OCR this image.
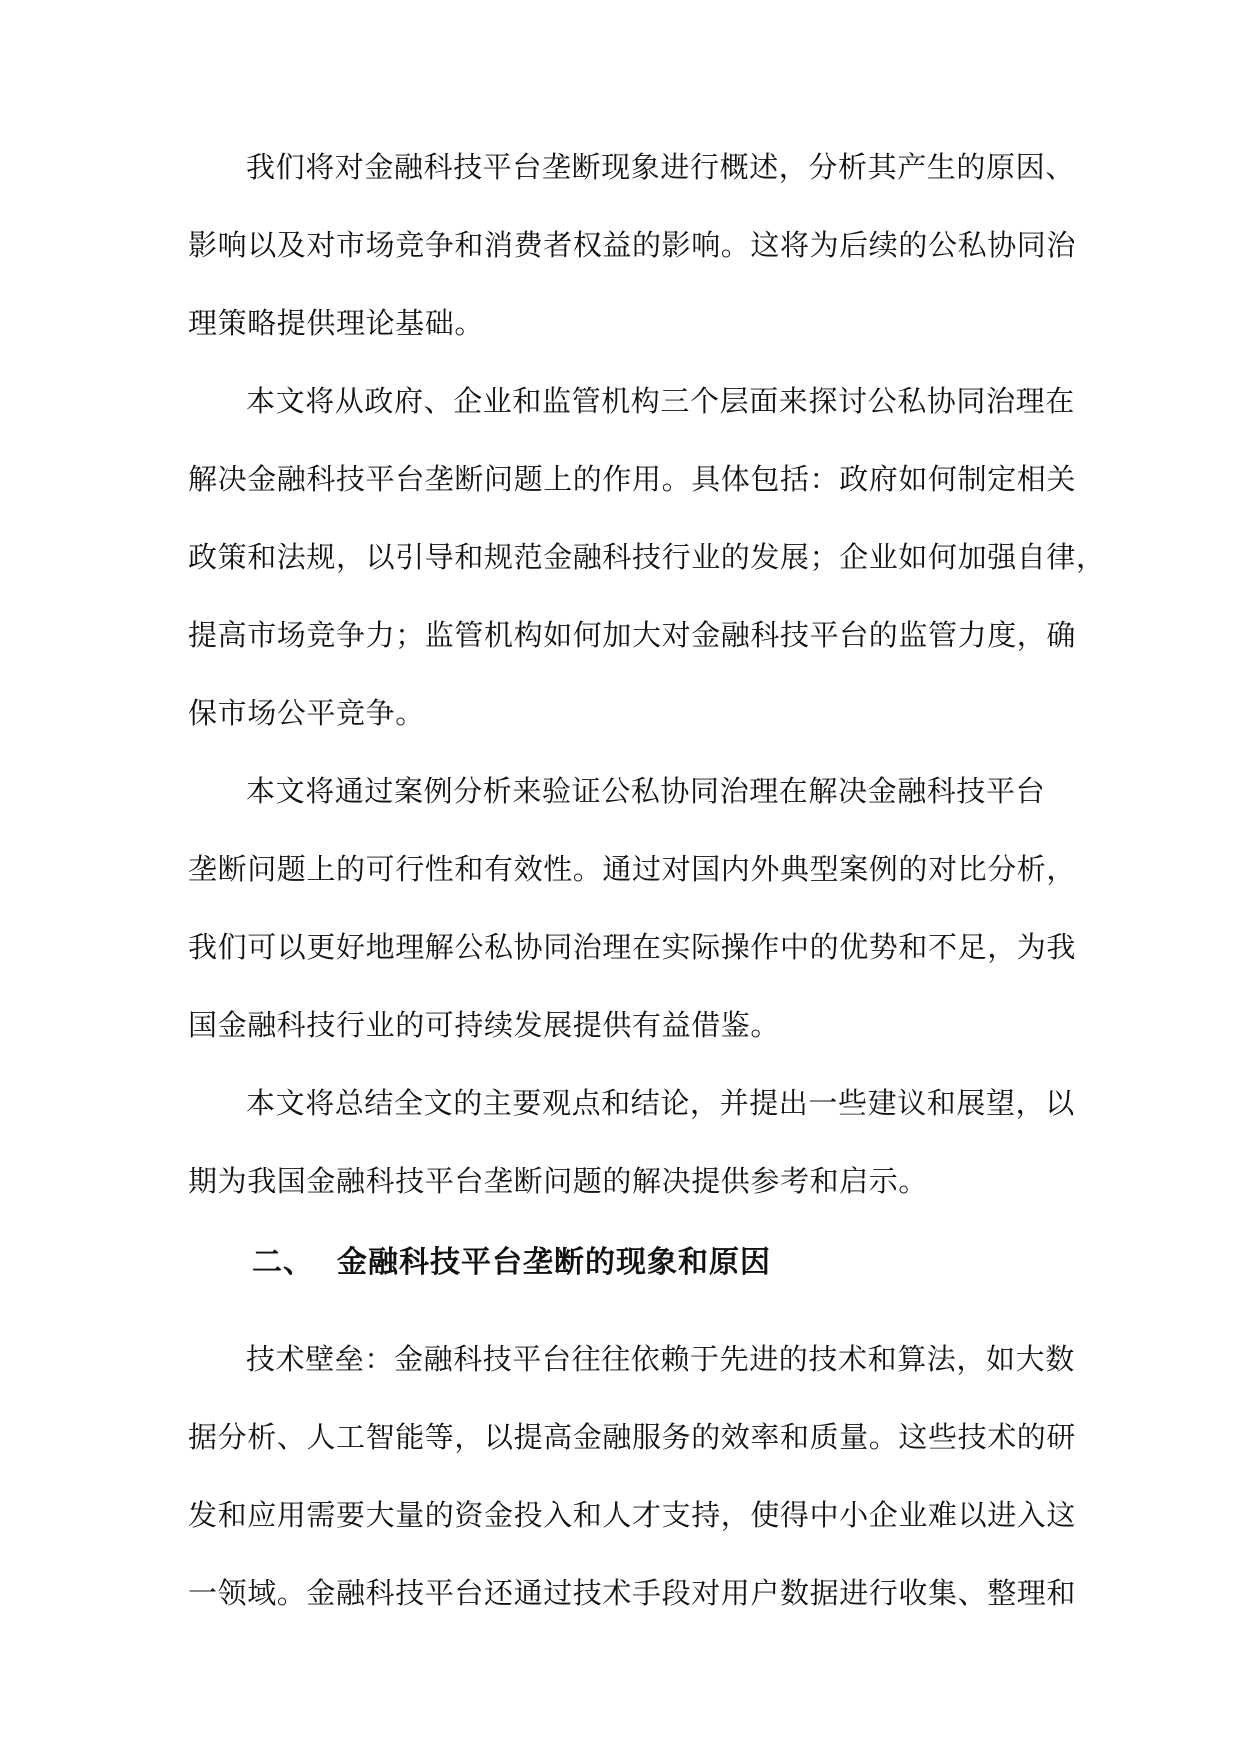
我们将对金融科技平台垄断现象进行概述，分析其产生的原因、

影响以及对市场竞争和消费者权益的影响。这将为后续的公私协同治

理策略提供理论基础。

本文将从政府、企业和监管机构三个层面来探讨公私协同治理在

解决金融科技平台垄断问题上的作用。具体包括：政府如何制定相关

政策和法规，以引导和规范金融科技行业的发展；企业如何加强自律，

提高市场竞争力；监管机构如何加大对金融科技平台的监管力度，确

保市场公平竞争。

本文将通过案例分析来验证公私协同治理在解决金融科技平台

垄断问题上的可行性和有效性。通过对国内外典型案例的对比分析，

我们可以更好地理解公私协同治理在实际操作中的优势和不足，为我

国金融科技行业的可持续发展提供有益借鉴。

本文将总结全文的主要观点和结论，并提出一些建议和展望，以

期为我国金融科技平台垄断问题的解决提供参考和启示。

二、 金融科技平台垄断的现象和原因

技术壁垒：金融科技平台往往依赖于先进的技术和算法，如大数

据分析、人工智能等，以提高金融服务的效率和质量。这些技术的研

发和应用需要大量的资金投入和人才支持，使得中小企业难以进入这

一领域。金融科技平台还通过技术手段对用户数据进行收集、整理和
